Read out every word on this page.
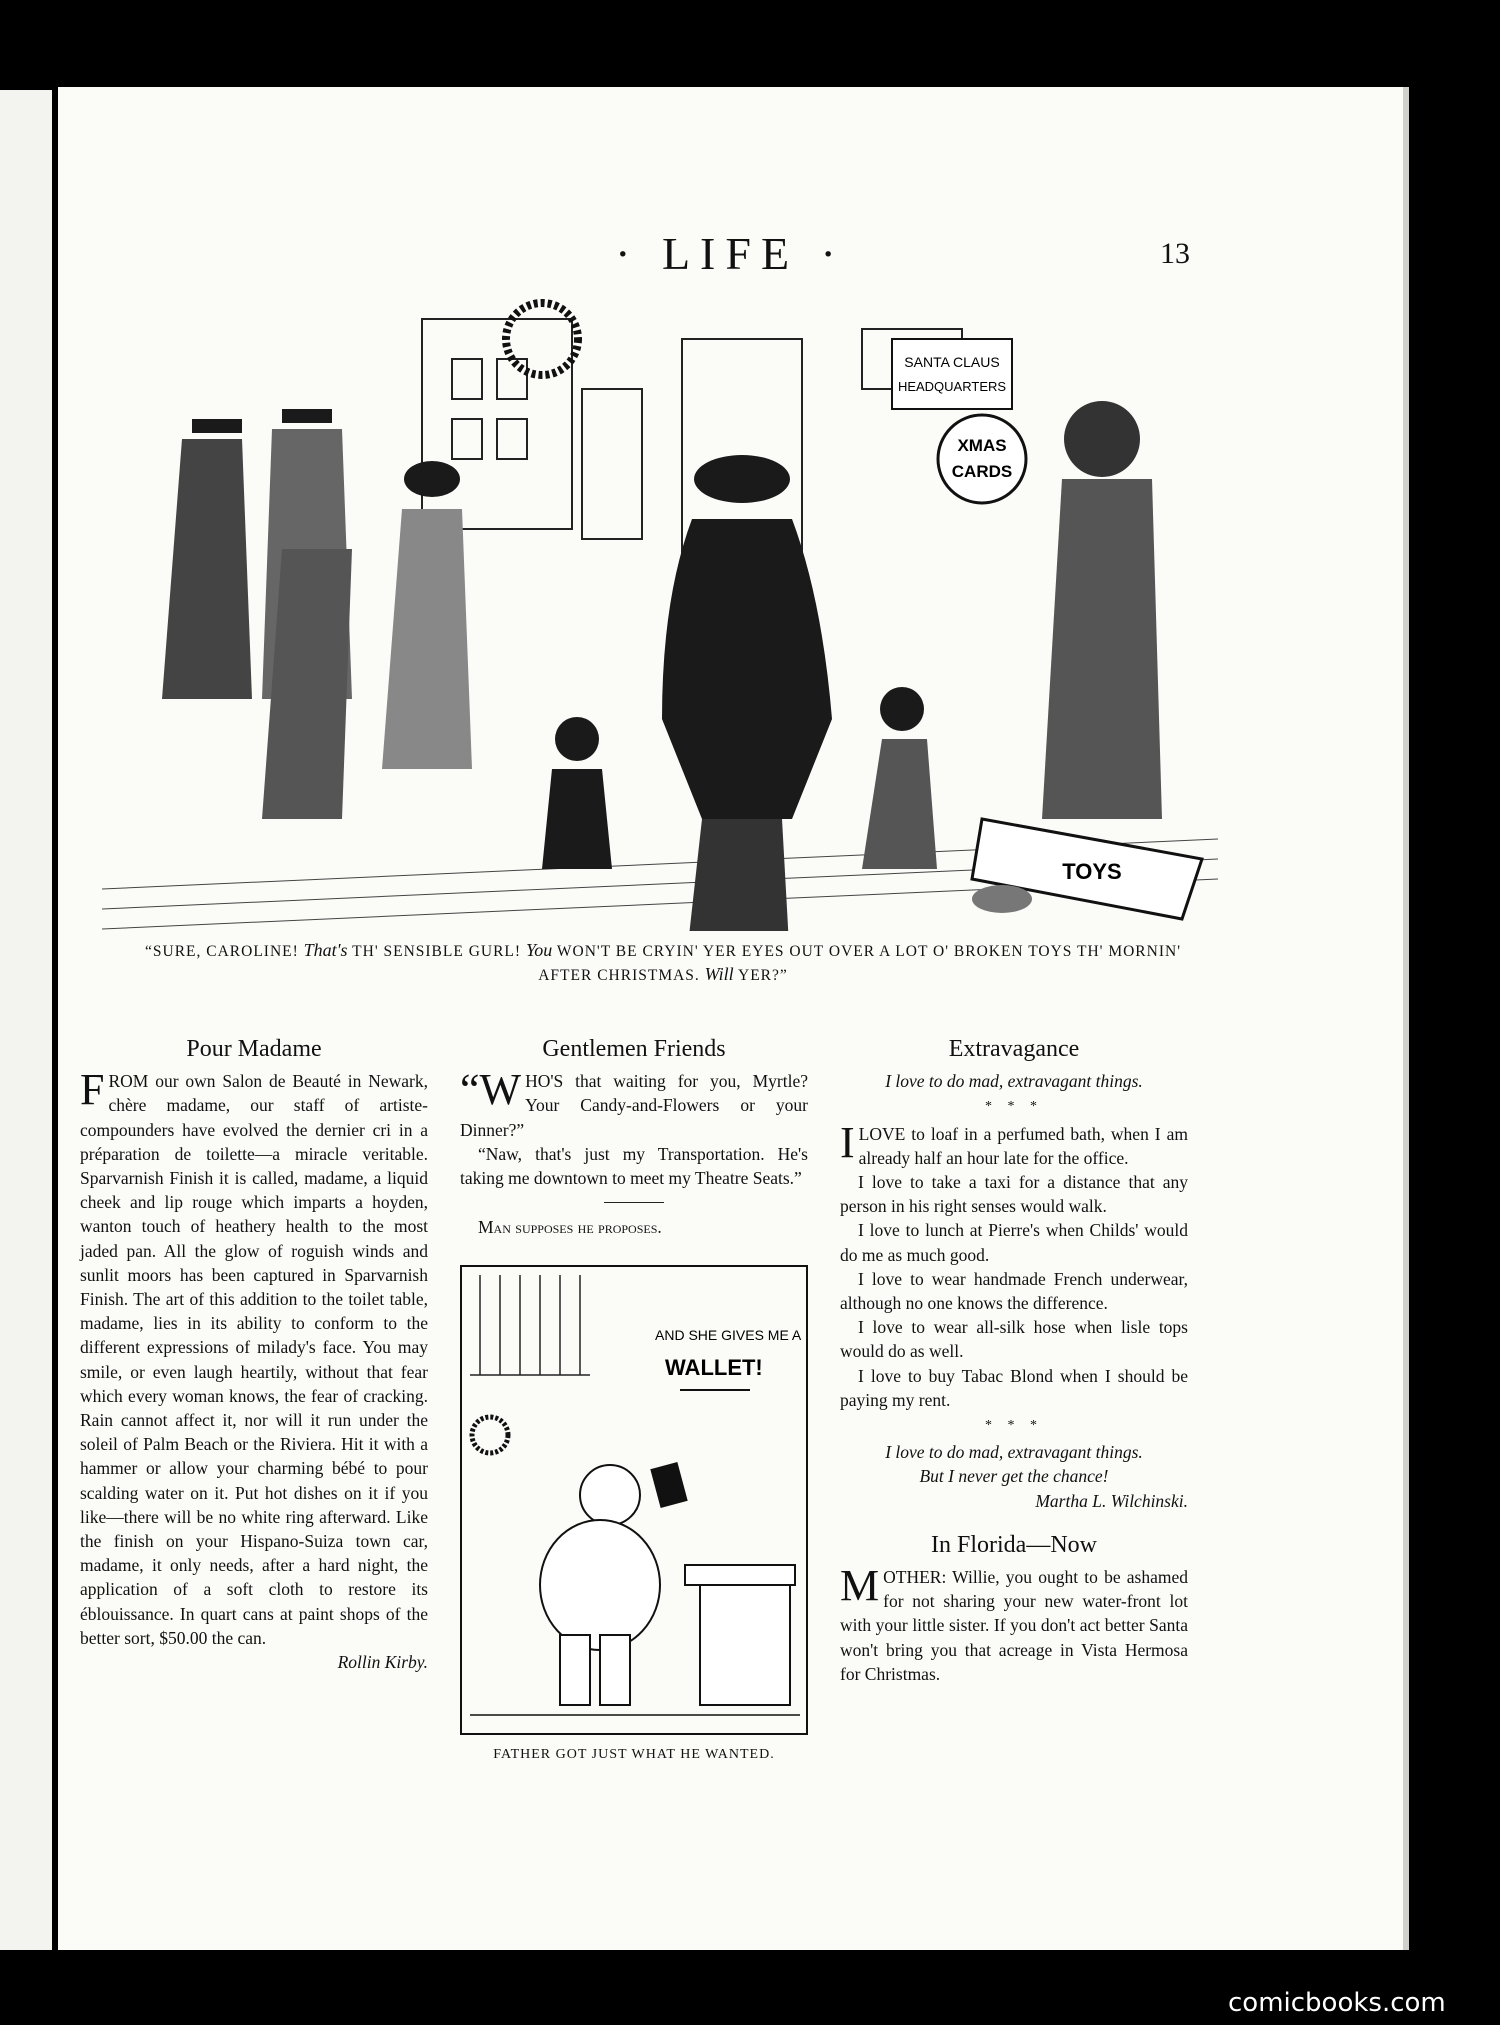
· LIFE ·	13
SANTA CLAUS
HEADQUARTERS
XMAS
CARDS
TOYS
“SURE, CAROLINE! That's TH' SENSIBLE GURL! You WON'T BE CRYIN' YER EYES OUT OVER A LOT O' BROKEN TOYS TH' MORNIN' AFTER CHRISTMAS. Will YER?”
Pour Madame

FROM our own Salon de Beauté in Newark, chère madame, our staff of artiste-compounders have evolved the dernier cri in a préparation de toilette—a miracle veritable. Sparvarnish Finish it is called, madame, a liquid cheek and lip rouge which imparts a hoyden, wanton touch of heathery health to the most jaded pan. All the glow of roguish winds and sunlit moors has been captured in Sparvarnish Finish. The art of this addition to the toilet table, madame, lies in its ability to conform to the different expressions of milady's face. You may smile, or even laugh heartily, without that fear which every woman knows, the fear of cracking. Rain cannot affect it, nor will it run under the soleil of Palm Beach or the Riviera. Hit it with a hammer or allow your charming bébé to pour scalding water on it. Put hot dishes on it if you like—there will be no white ring afterward. Like the finish on your Hispano-Suiza town car, madame, it only needs, after a hard night, the application of a soft cloth to restore its éblouissance. In quart cans at paint shops of the better sort, $50.00 the can.

Rollin Kirby.

Gentlemen Friends

“WHO'S that waiting for you, Myrtle? Your Candy-and-Flowers or your Dinner?”

“Naw, that's just my Transportation. He's taking me downtown to meet my Theatre Seats.”

Man supposes he proposes.

AND SHE GIVES ME A
WALLET!
FATHER GOT JUST WHAT HE WANTED.
Extravagance

I love to do mad, extravagant things.

* * *

ILOVE to loaf in a perfumed bath, when I am already half an hour late for the office.

I love to take a taxi for a distance that any person in his right senses would walk.

I love to lunch at Pierre's when Childs' would do me as much good.

I love to wear handmade French underwear, although no one knows the difference.

I love to wear all-silk hose when lisle tops would do as well.

I love to buy Tabac Blond when I should be paying my rent.

* * *

I love to do mad, extravagant things.

But I never get the chance!

Martha L. Wilchinski.

In Florida—Now

MOTHER: Willie, you ought to be ashamed for not sharing your new water-front lot with your little sister. If you don't act better Santa won't bring you that acreage in Vista Hermosa for Christmas.

comicbooks.com
